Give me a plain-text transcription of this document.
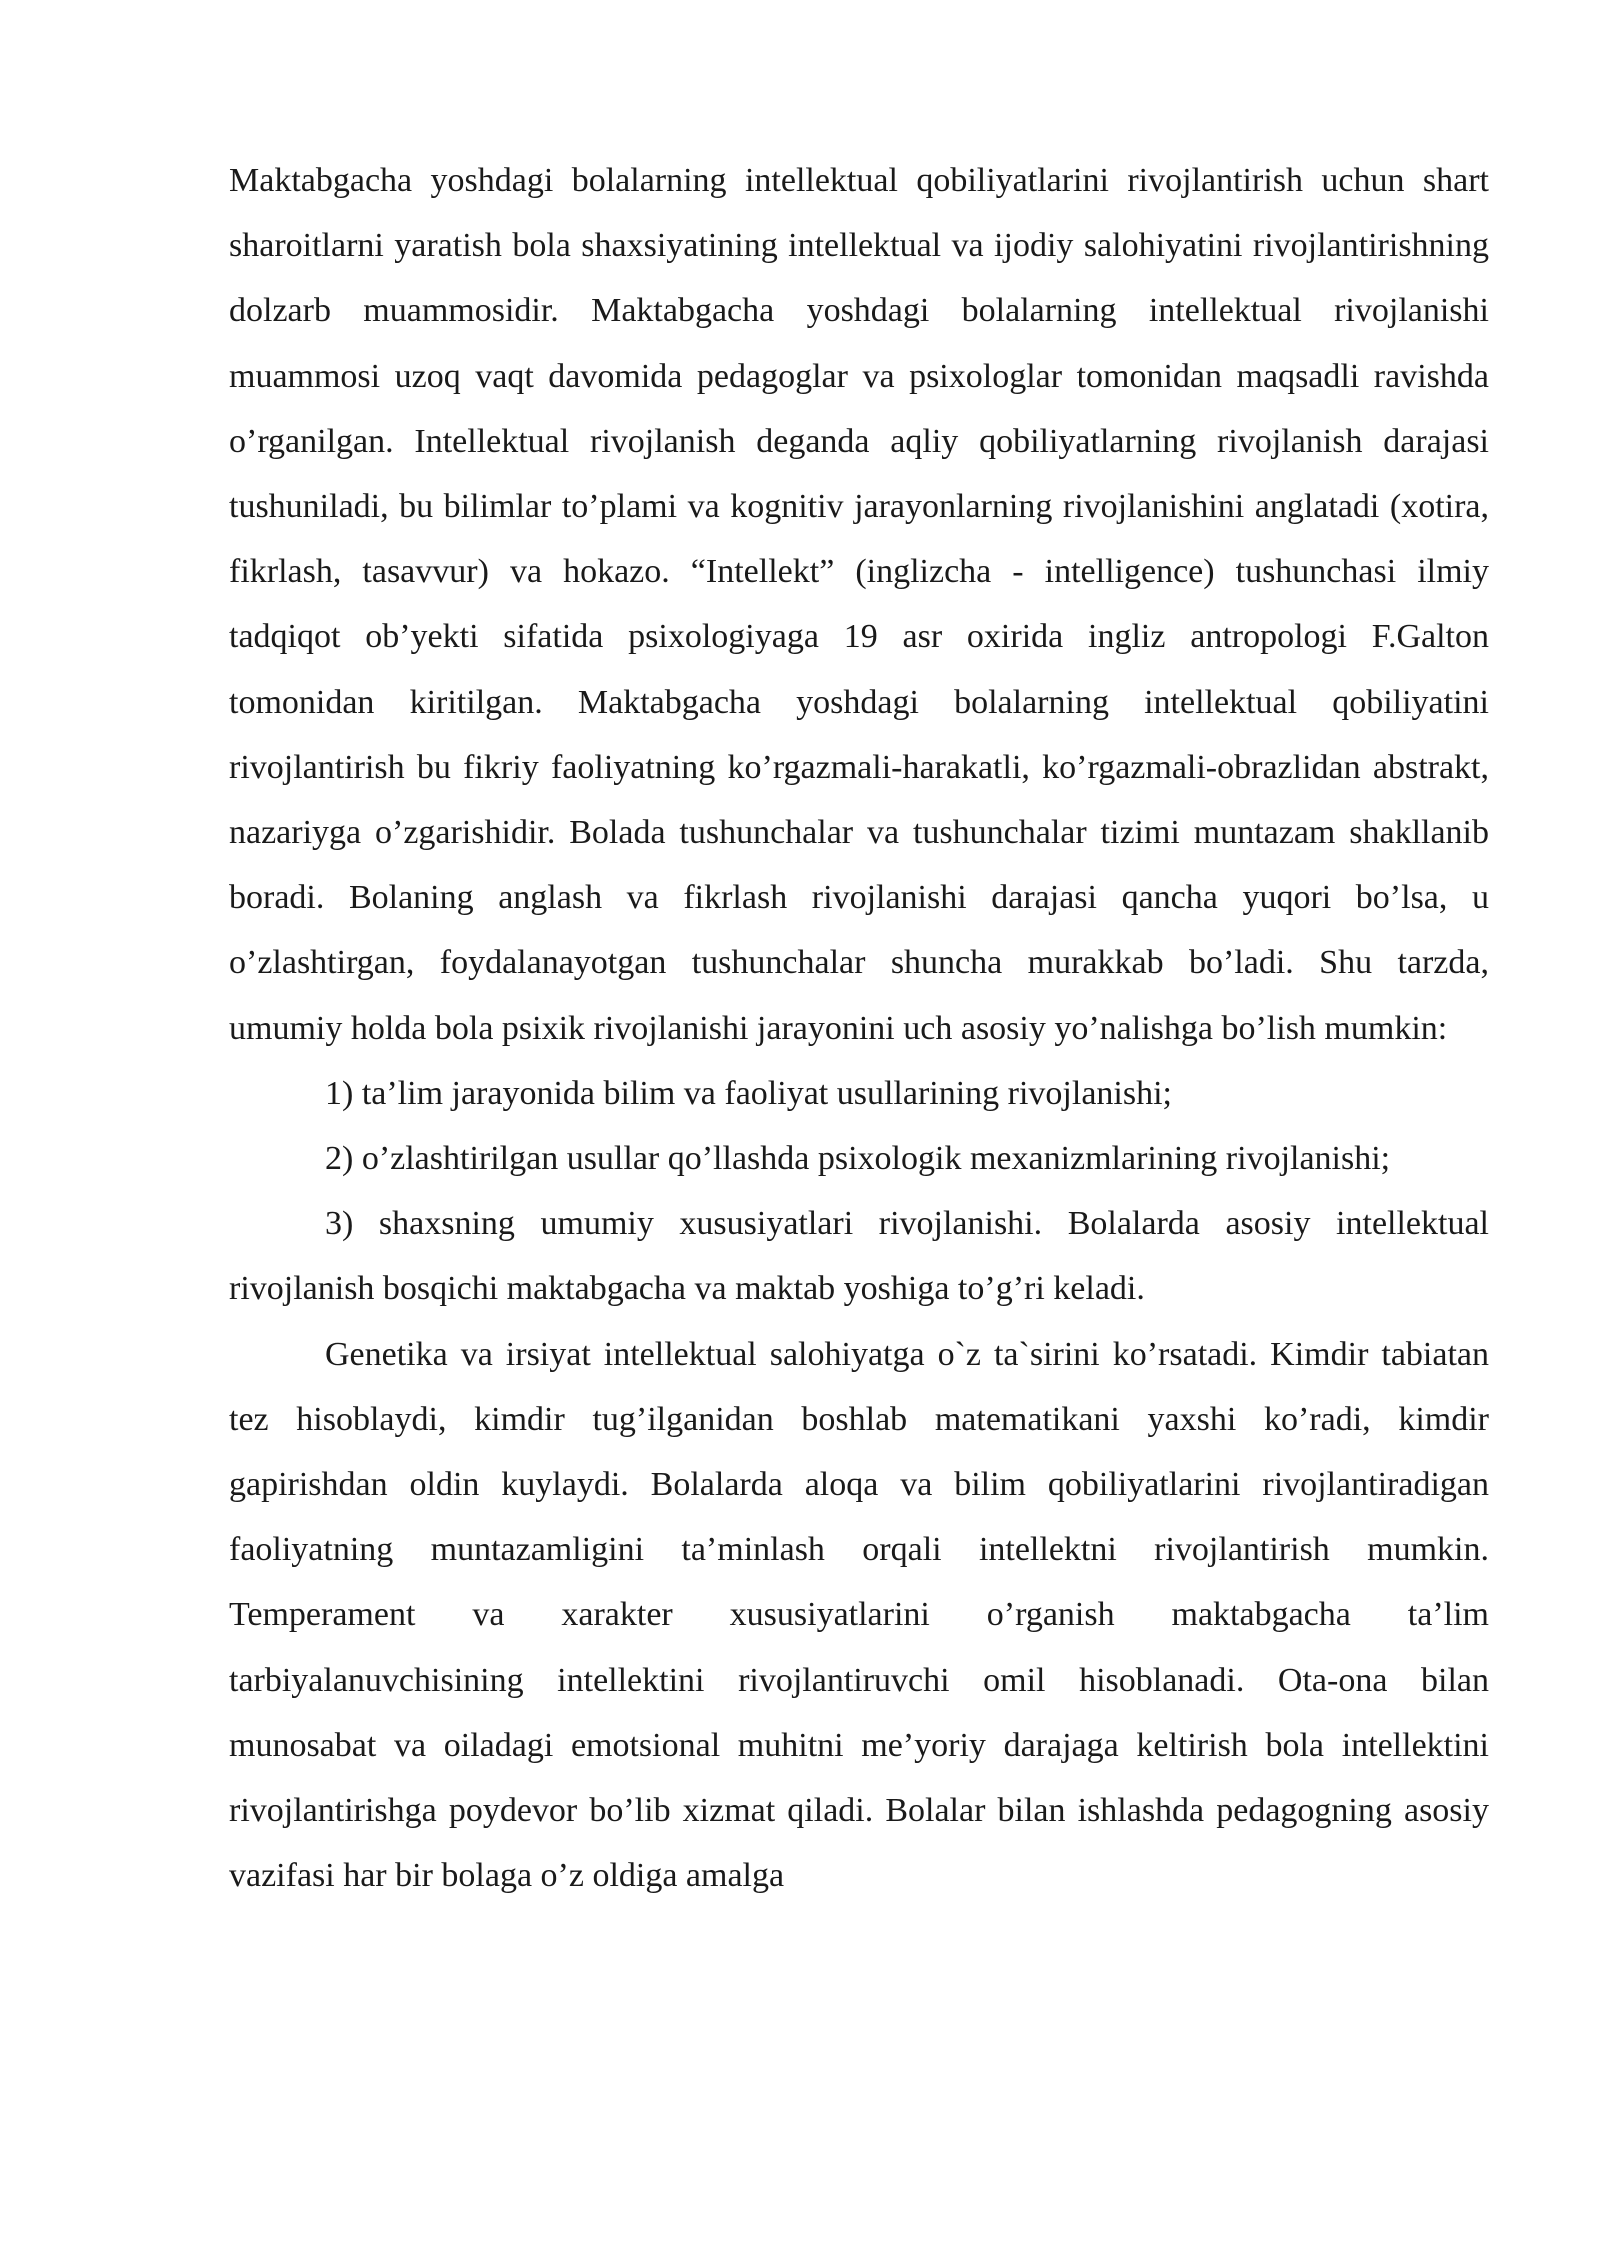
Maktabgacha yoshdagi bolalarning intellektual qobiliyatlarini rivojlantirish uchun shart sharoitlarni yaratish bola shaxsiyatining intellektual va ijodiy salohiyatini rivojlantirishning dolzarb muammosidir. Maktabgacha yoshdagi bolalarning intellektual rivojlanishi muammosi uzoq vaqt davomida pedagoglar va psixologlar tomonidan maqsadli ravishda o’rganilgan. Intellektual rivojlanish deganda aqliy qobiliyatlarning rivojlanish darajasi tushuniladi, bu bilimlar to’plami va kognitiv jarayonlarning rivojlanishini anglatadi (xotira, fikrlash, tasavvur) va hokazo. “Intellekt” (inglizcha - intelligence) tushunchasi ilmiy tadqiqot ob’yekti sifatida psixologiyaga 19 asr oxirida ingliz antropologi F.Galton tomonidan kiritilgan. Maktabgacha yoshdagi bolalarning intellektual qobiliyatini rivojlantirish bu fikriy faoliyatning ko’rgazmali-harakatli, ko’rgazmali-obrazlidan abstrakt, nazariyga o’zgarishidir. Bolada tushunchalar va tushunchalar tizimi muntazam shakllanib boradi. Bolaning anglash va fikrlash rivojlanishi darajasi qancha yuqori bo’lsa, u o’zlashtirgan, foydalanayotgan tushunchalar shuncha murakkab bo’ladi. Shu tarzda, umumiy holda bola psixik rivojlanishi jarayonini uch asosiy yo’nalishga bo’lish mumkin:

1) ta’lim jarayonida bilim va faoliyat usullarining rivojlanishi;

2) o’zlashtirilgan usullar qo’llashda psixologik mexanizmlarining rivojlanishi;

3) shaxsning umumiy xususiyatlari rivojlanishi. Bolalarda asosiy intellektual rivojlanish bosqichi maktabgacha va maktab yoshiga to’g’ri keladi.

Genetika va irsiyat intellektual salohiyatga o`z ta`sirini ko’rsatadi. Kimdir tabiatan tez hisoblaydi, kimdir tug’ilganidan boshlab matematikani yaxshi ko’radi, kimdir gapirishdan oldin kuylaydi. Bolalarda aloqa va bilim qobiliyatlarini rivojlantiradigan faoliyatning muntazamligini ta’minlash orqali intellektni rivojlantirish mumkin. Temperament va xarakter xususiyatlarini o’rganish maktabgacha ta’lim tarbiyalanuvchisining intellektini rivojlantiruvchi omil hisoblanadi. Ota-ona bilan munosabat va oiladagi emotsional muhitni me’yoriy darajaga keltirish bola intellektini rivojlantirishga poydevor bo’lib xizmat qiladi. Bolalar bilan ishlashda pedagogning asosiy vazifasi har bir bolaga o’z oldiga amalga
